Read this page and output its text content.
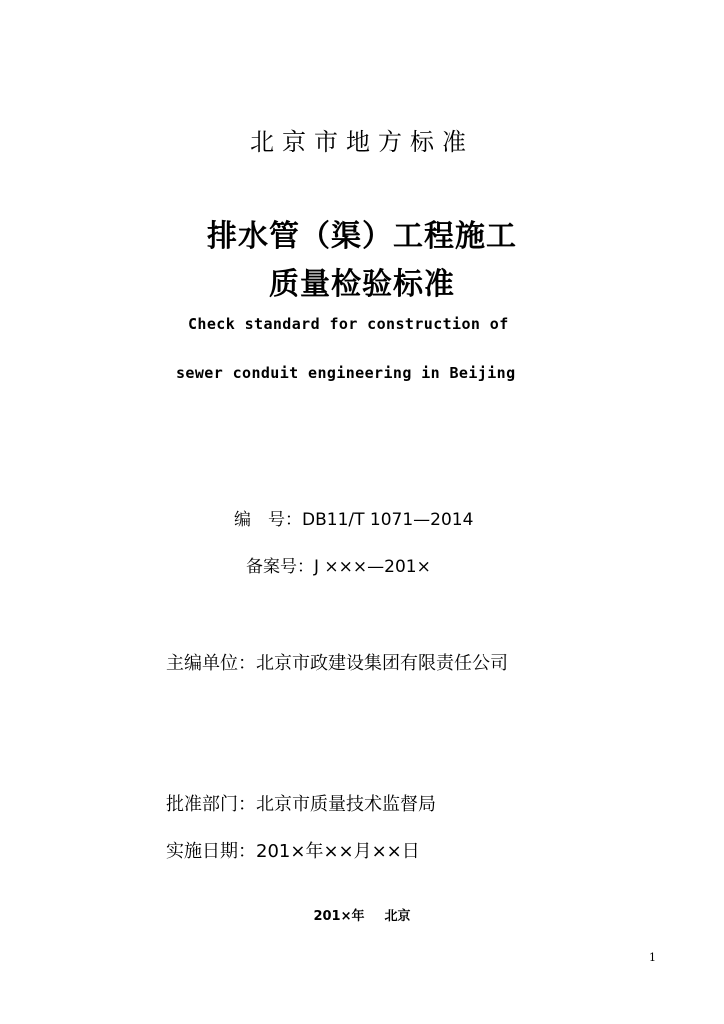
北京市地方标准
排水管（渠）工程施工
质量检验标准
Check standard for construction of
sewer conduit engineering in Beijing
编　号：DB11/T 1071—2014
备案号：J ×××—201×
主编单位：北京市政建设集团有限责任公司
批准部门：北京市质量技术监督局
实施日期：201×年××月××日
201×年 北京
1
